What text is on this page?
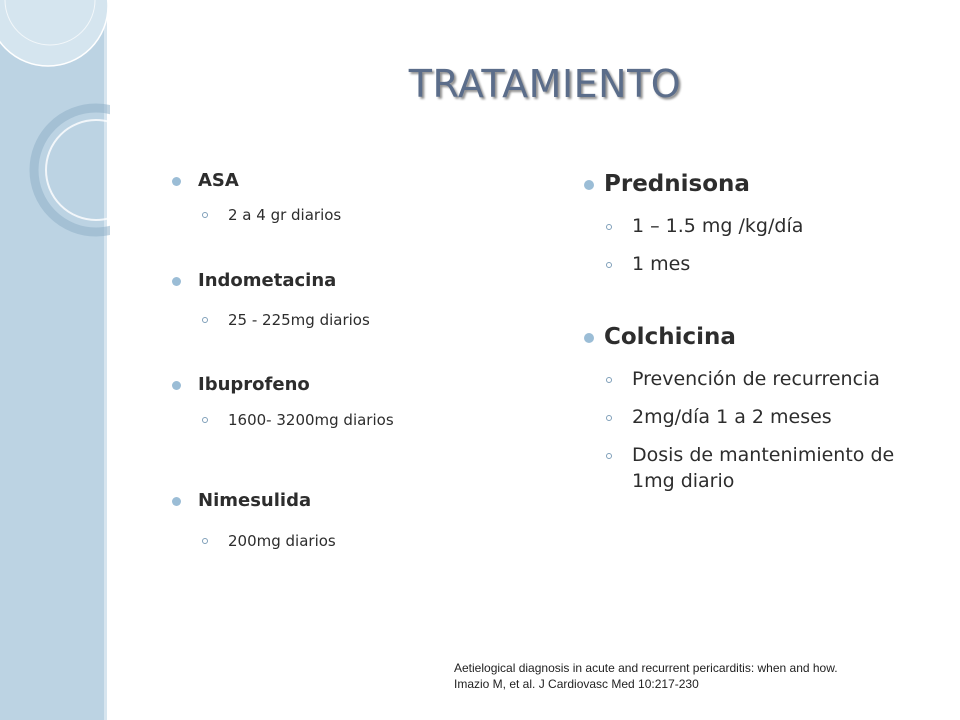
TRATAMIENTO
ASA
2 a 4 gr diarios
Indometacina
25 - 225mg diarios
Ibuprofeno
1600- 3200mg diarios
Nimesulida
200mg diarios
Prednisona
1 – 1.5 mg /kg/día
1 mes
Colchicina
Prevención de recurrencia
2mg/día 1 a 2 meses
Dosis de mantenimiento de 1mg diario
Aetielogical diagnosis in acute and recurrent pericarditis: when and how.
Imazio M, et al. J Cardiovasc Med 10:217-230
